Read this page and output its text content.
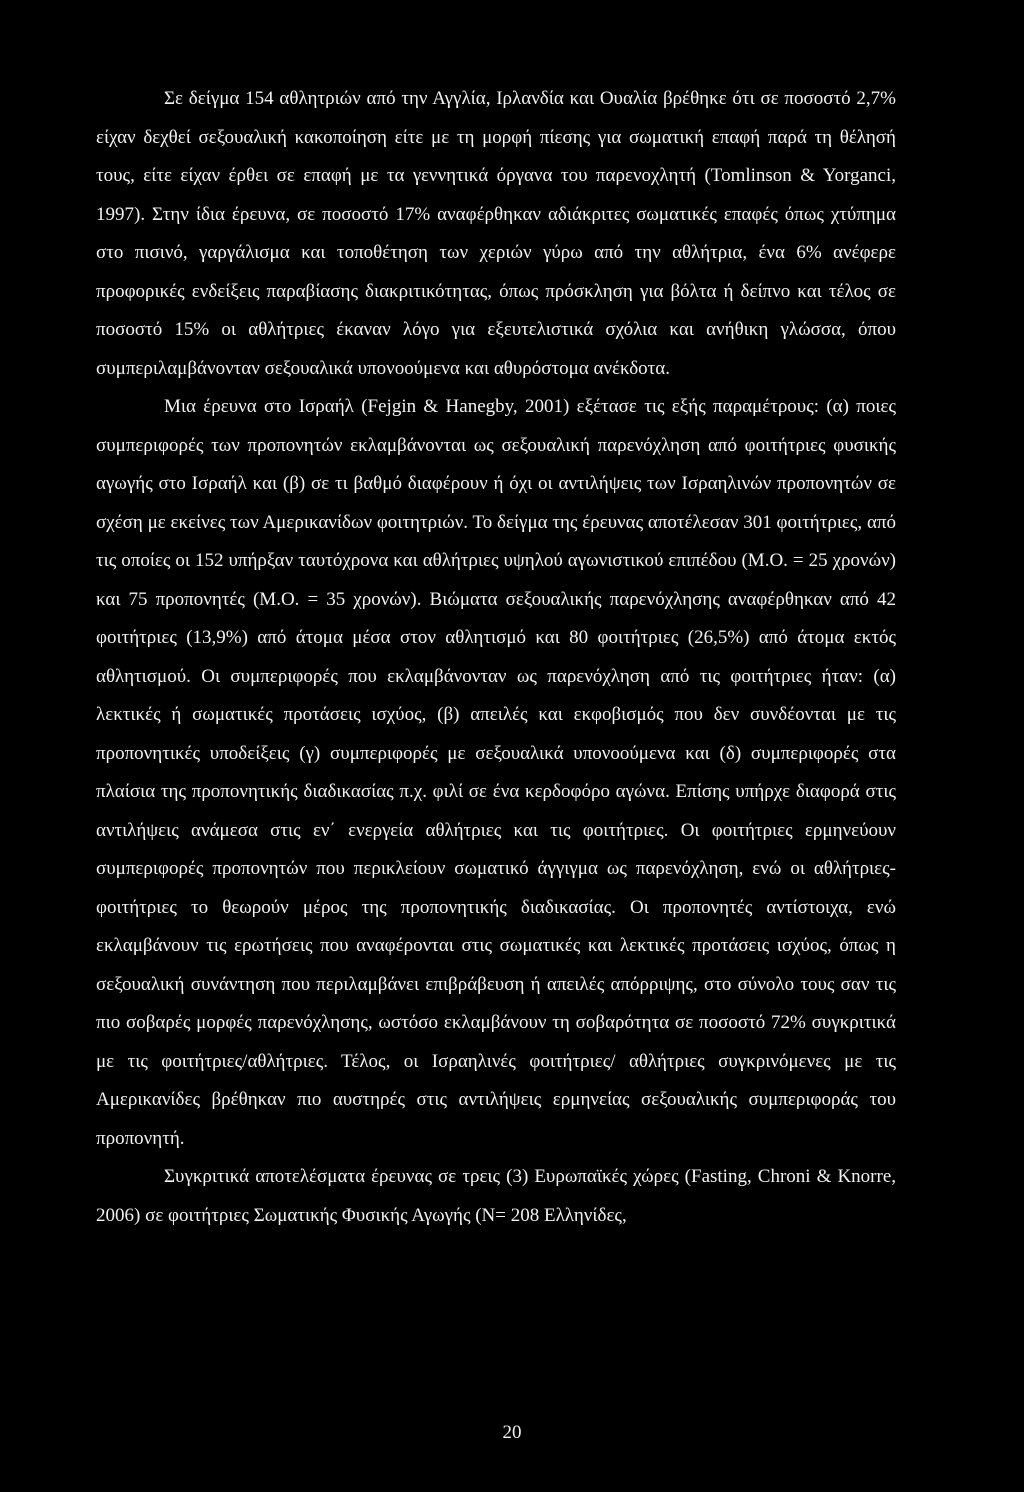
Σε δείγμα 154 αθλητριών από την Αγγλία, Ιρλανδία και Ουαλία βρέθηκε ότι σε ποσοστό 2,7% είχαν δεχθεί σεξουαλική κακοποίηση είτε με τη μορφή πίεσης για σωματική επαφή παρά τη θέλησή τους, είτε είχαν έρθει σε επαφή με τα γεννητικά όργανα του παρενοχλητή (Tomlinson & Yorganci, 1997). Στην ίδια έρευνα, σε ποσοστό 17% αναφέρθηκαν αδιάκριτες σωματικές επαφές όπως χτύπημα στο πισινό, γαργάλισμα και τοποθέτηση των χεριών γύρω από την αθλήτρια, ένα 6% ανέφερε προφορικές ενδείξεις παραβίασης διακριτικότητας, όπως πρόσκληση για βόλτα ή δείπνο και τέλος σε ποσοστό 15% οι αθλήτριες έκαναν λόγο για εξευτελιστικά σχόλια και ανήθικη γλώσσα, όπου συμπεριλαμβάνονταν σεξουαλικά υπονοούμενα και αθυρόστομα ανέκδοτα.

Μια έρευνα στο Ισραήλ (Fejgin & Hanegby, 2001) εξέτασε τις εξής παραμέτρους: (α) ποιες συμπεριφορές των προπονητών εκλαμβάνονται ως σεξουαλική παρενόχληση από φοιτήτριες φυσικής αγωγής στο Ισραήλ και (β) σε τι βαθμό διαφέρουν ή όχι οι αντιλήψεις των Ισραηλινών προπονητών σε σχέση με εκείνες των Αμερικανίδων φοιτητριών. Το δείγμα της έρευνας αποτέλεσαν 301 φοιτήτριες, από τις οποίες οι 152 υπήρξαν ταυτόχρονα και αθλήτριες υψηλού αγωνιστικού επιπέδου (Μ.Ο. = 25 χρονών) και 75 προπονητές (Μ.Ο. = 35 χρονών). Βιώματα σεξουαλικής παρενόχλησης αναφέρθηκαν από 42 φοιτήτριες (13,9%) από άτομα μέσα στον αθλητισμό και 80 φοιτήτριες (26,5%) από άτομα εκτός αθλητισμού. Οι συμπεριφορές που εκλαμβάνονταν ως παρενόχληση από τις φοιτήτριες ήταν: (α) λεκτικές ή σωματικές προτάσεις ισχύος, (β) απειλές και εκφοβισμός που δεν συνδέονται με τις προπονητικές υποδείξεις (γ) συμπεριφορές με σεξουαλικά υπονοούμενα και (δ) συμπεριφορές στα πλαίσια της προπονητικής διαδικασίας π.χ. φιλί σε ένα κερδοφόρο αγώνα. Επίσης υπήρχε διαφορά στις αντιλήψεις ανάμεσα στις εν΄ ενεργεία αθλήτριες και τις φοιτήτριες. Οι φοιτήτριες ερμηνεύουν συμπεριφορές προπονητών που περικλείουν σωματικό άγγιγμα ως παρενόχληση, ενώ οι αθλήτριες-φοιτήτριες το θεωρούν μέρος της προπονητικής διαδικασίας. Οι προπονητές αντίστοιχα, ενώ εκλαμβάνουν τις ερωτήσεις που αναφέρονται στις σωματικές και λεκτικές προτάσεις ισχύος, όπως η σεξουαλική συνάντηση που περιλαμβάνει επιβράβευση ή απειλές απόρριψης, στο σύνολο τους σαν τις πιο σοβαρές μορφές παρενόχλησης, ωστόσο εκλαμβάνουν τη σοβαρότητα σε ποσοστό 72% συγκριτικά με τις φοιτήτριες/αθλήτριες. Τέλος, οι Ισραηλινές φοιτήτριες/ αθλήτριες συγκρινόμενες με τις Αμερικανίδες βρέθηκαν πιο αυστηρές στις αντιλήψεις ερμηνείας σεξουαλικής συμπεριφοράς του προπονητή.

Συγκριτικά αποτελέσματα έρευνας σε τρεις (3) Ευρωπαϊκές χώρες (Fasting, Chroni & Knorre, 2006) σε φοιτήτριες Σωματικής Φυσικής Αγωγής (Ν= 208 Ελληνίδες,

20
